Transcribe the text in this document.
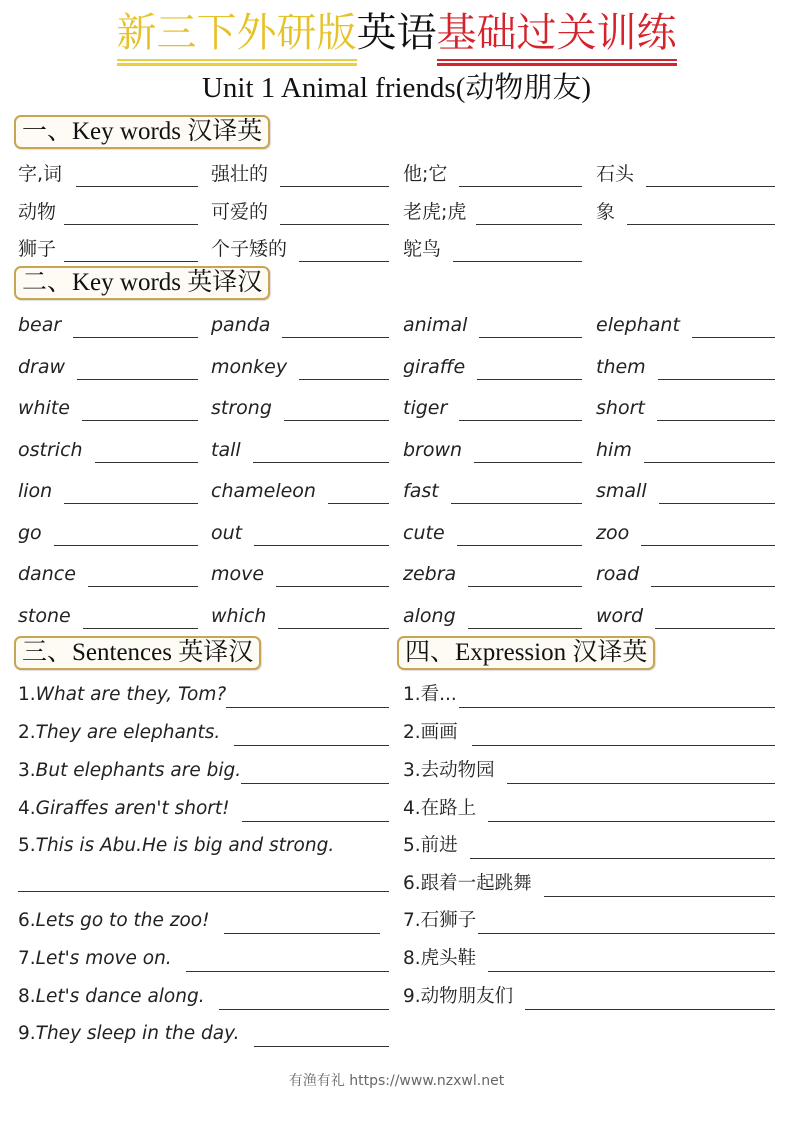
新三下外研版英语基础过关训练
Unit 1 Animal friends(动物朋友)
一、Key words 汉译英
字,词	强壮的	他;它	石头
动物	可爱的	老虎;虎	象
狮子	个子矮的	鸵鸟
二、Key words 英译汉
bear	panda	animal	elephant
draw	monkey	giraffe	them
white	strong	tiger	short
ostrich	tall	brown	him
lion	chameleon	fast	small
go	out	cute	zoo
dance	move	zebra	road
stone	which	along	word
三、Sentences 英译汉	四、Expression 汉译英
1.What are they, Tom?
2.They are elephants.
3.But elephants are big.
4.Giraffes aren't short!
5.This is Abu.He is big and strong.
6.Lets go to the zoo!
7.Let's move on.
8.Let's dance along.
9.They sleep in the day.
1.看...
2.画画
3.去动物园
4.在路上
5.前进
6.跟着一起跳舞
7.石狮子
8.虎头鞋
9.动物朋友们
有渔有礼 https://www.nzxwl.net
